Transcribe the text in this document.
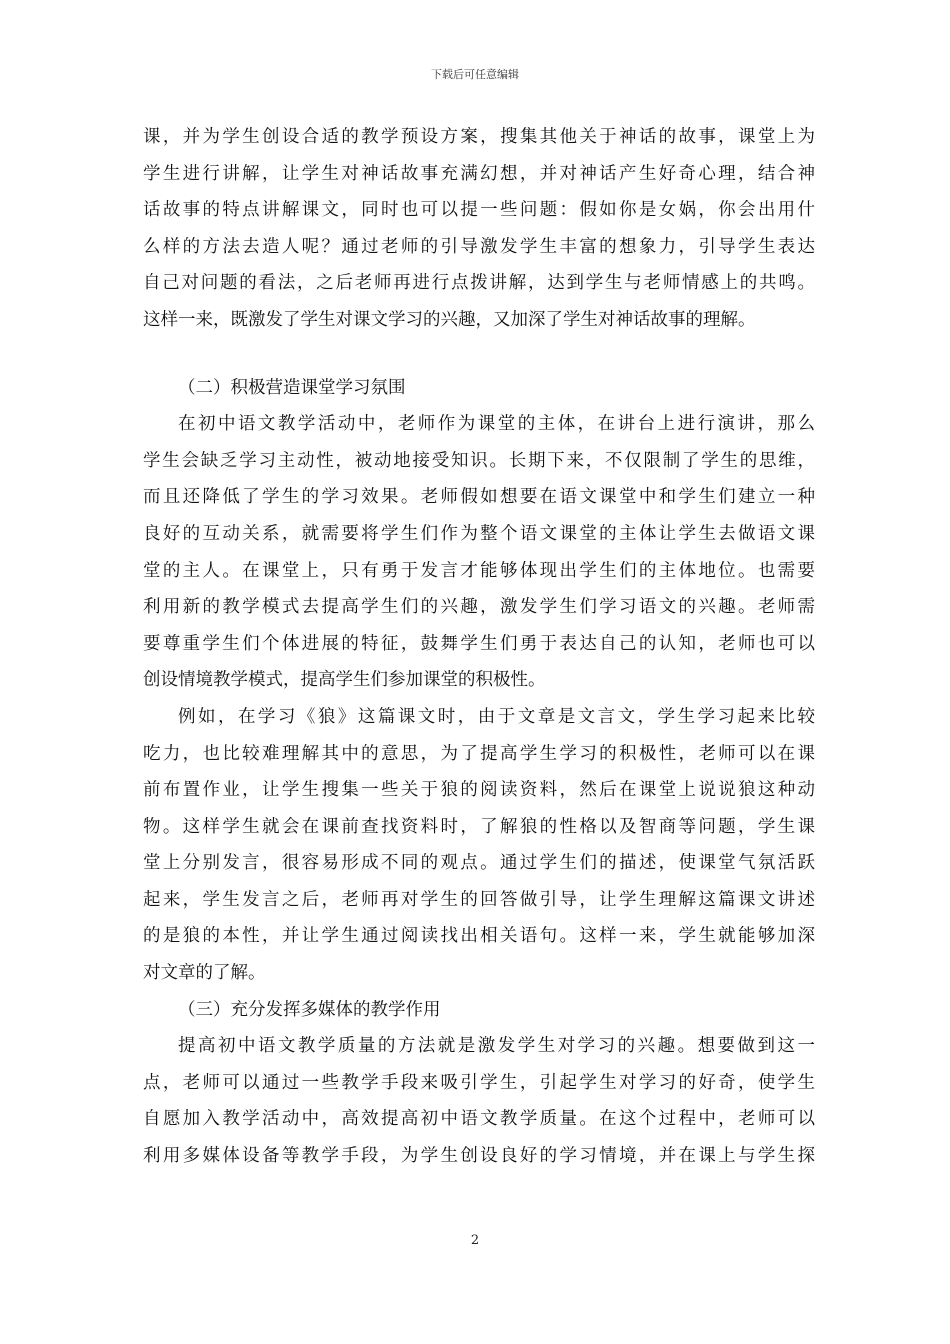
下载后可任意编辑
课，并为学生创设合适的教学预设方案，搜集其他关于神话的故事，课堂上为
学生进行讲解，让学生对神话故事充满幻想，并对神话产生好奇心理，结合神
话故事的特点讲解课文，同时也可以提一些问题：假如你是女娲，你会出用什
么样的方法去造人呢？通过老师的引导激发学生丰富的想象力，引导学生表达
自己对问题的看法，之后老师再进行点拨讲解，达到学生与老师情感上的共鸣。
这样一来，既激发了学生对课文学习的兴趣，又加深了学生对神话故事的理解。
（二）积极营造课堂学习氛围
在初中语文教学活动中，老师作为课堂的主体，在讲台上进行演讲，那么
学生会缺乏学习主动性，被动地接受知识。长期下来，不仅限制了学生的思维，
而且还降低了学生的学习效果。老师假如想要在语文课堂中和学生们建立一种
良好的互动关系，就需要将学生们作为整个语文课堂的主体让学生去做语文课
堂的主人。在课堂上，只有勇于发言才能够体现出学生们的主体地位。也需要
利用新的教学模式去提高学生们的兴趣，激发学生们学习语文的兴趣。老师需
要尊重学生们个体进展的特征，鼓舞学生们勇于表达自己的认知，老师也可以
创设情境教学模式，提高学生们参加课堂的积极性。
例如，在学习《狼》这篇课文时，由于文章是文言文，学生学习起来比较
吃力，也比较难理解其中的意思，为了提高学生学习的积极性，老师可以在课
前布置作业，让学生搜集一些关于狼的阅读资料，然后在课堂上说说狼这种动
物。这样学生就会在课前查找资料时，了解狼的性格以及智商等问题，学生课
堂上分别发言，很容易形成不同的观点。通过学生们的描述，使课堂气氛活跃
起来，学生发言之后，老师再对学生的回答做引导，让学生理解这篇课文讲述
的是狼的本性，并让学生通过阅读找出相关语句。这样一来，学生就能够加深
对文章的了解。
（三）充分发挥多媒体的教学作用
提高初中语文教学质量的方法就是激发学生对学习的兴趣。想要做到这一
点，老师可以通过一些教学手段来吸引学生，引起学生对学习的好奇，使学生
自愿加入教学活动中，高效提高初中语文教学质量。在这个过程中，老师可以
利用多媒体设备等教学手段，为学生创设良好的学习情境，并在课上与学生探
2
